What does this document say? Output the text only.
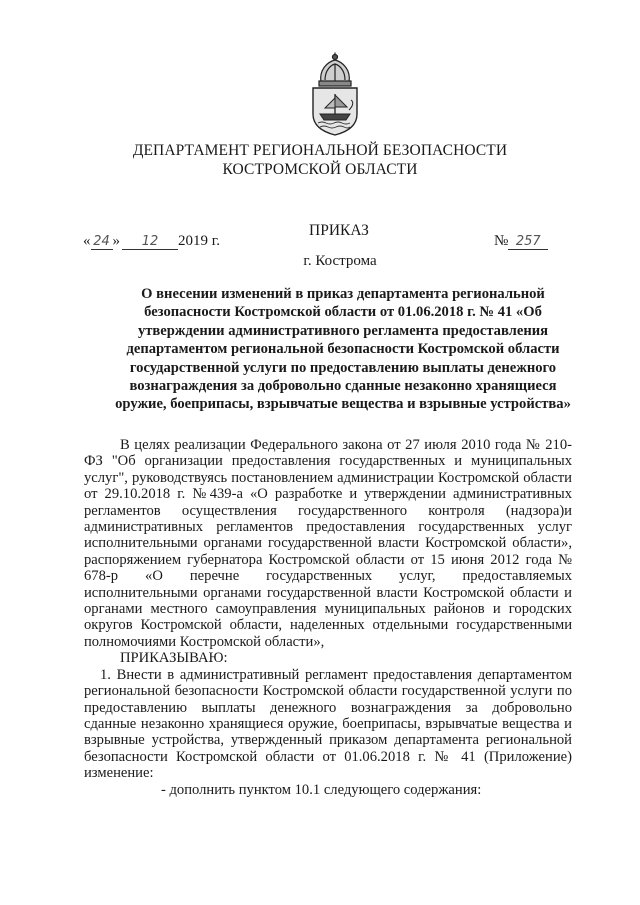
ДЕПАРТАМЕНТ РЕГИОНАЛЬНОЙ БЕЗОПАСНОСТИ
КОСТРОМСКОЙ ОБЛАСТИ
ПРИКАЗ
« 24 » 12 2019 г.	№ 257
г. Кострома
О внесении изменений в приказ департамента региональной безопасности Костромской области от 01.06.2018 г. № 41 «Об утверждении административного регламента предоставления департаментом региональной безопасности Костромской области государственной услуги по предоставлению выплаты денежного вознаграждения за добровольно сданные незаконно хранящиеся оружие, боеприпасы, взрывчатые вещества и взрывные устройства»

В целях реализации Федерального закона от 27 июля 2010 года № 210-ФЗ "Об организации предоставления государственных и муниципальных услуг", руководствуясь постановлением администрации Костромской области от 29.10.2018 г. №439-а «О разработке и утверждении административных регламентов осуществления государственного контроля (надзора)и административных регламентов предоставления государственных услуг исполнительными органами государственной власти Костромской области», распоряжением губернатора Костромской области от 15 июня 2012 года № 678-р «О перечне государственных услуг, предоставляемых исполнительными органами государственной власти Костромской области и органами местного самоуправления муниципальных районов и городских округов Костромской области, наделенных отдельными государственными полномочиями Костромской области»,

ПРИКАЗЫВАЮ:

1. Внести в административный регламент предоставления департаментом региональной безопасности Костромской области государственной услуги по предоставлению выплаты денежного вознаграждения за добровольно сданные незаконно хранящиеся оружие, боеприпасы, взрывчатые вещества и взрывные устройства, утвержденный приказом департамента региональной безопасности Костромской области от 01.06.2018 г. № 41 (Приложение) изменение:

- дополнить пунктом 10.1 следующего содержания:
